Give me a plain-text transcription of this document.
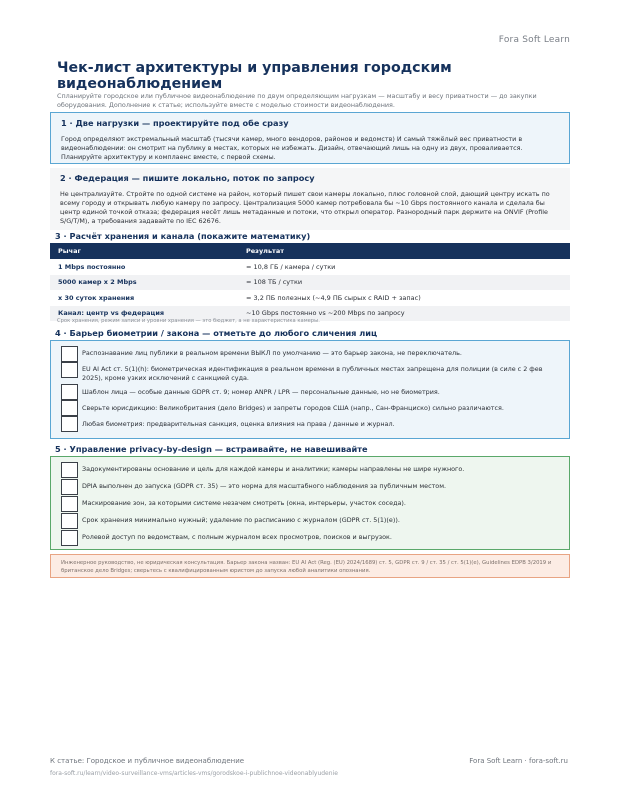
Fora Soft Learn
Чек-лист архитектуры и управления городским видеонаблюдением

Спланируйте городское или публичное видеонаблюдение по двум определяющим нагрузкам — масштабу и весу приватности — до закупки оборудования. Дополнение к статье; используйте вместе с моделью стоимости видеонаблюдения.

1 · Две нагрузки — проектируйте под обе сразу
Город определяют экстремальный масштаб (тысячи камер, много вендоров, районов и ведомств) И самый тяжёлый вес приватности в видеонаблюдении: он смотрит на публику в местах, которых не избежать. Дизайн, отвечающий лишь на одну из двух, проваливается. Планируйте архитектуру и комплаенс вместе, с первой схемы.
2 · Федерация — пишите локально, поток по запросу
Не централизуйте. Стройте по одной системе на район, который пишет свои камеры локально, плюс головной слой, дающий центру искать по всему городу и открывать любую камеру по запросу. Централизация 5000 камер потребовала бы ~10 Gbps постоянного канала и сделала бы центр единой точкой отказа; федерация несёт лишь метаданные и потоки, что открыл оператор. Разнородный парк держите на ONVIF (Profile S/G/T/M), а требования задавайте по IEC 62676.
3 · Расчёт хранения и канала (покажите математику)
Рычаг	Результат
1 Mbps постоянно	= 10,8 ГБ / камера / сутки
5000 камер х 2 Mbps	= 108 ТБ / сутки
х 30 суток хранения	= 3,2 ПБ полезных (~4,9 ПБ сырых с RAID + запас)
Канал: центр vs федерация	~10 Gbps постоянно vs ~200 Mbps по запросу
Срок хранения, режим записи и уровни хранения — это бюджет, а не характеристика камеры.
4 · Барьер биометрии / закона — отметьте до любого сличения лиц
Распознавание лиц публики в реальном времени ВЫКЛ по умолчанию — это барьер закона, не переключатель.
EU AI Act ст. 5(1)(h): биометрическая идентификация в реальном времени в публичных местах запрещена для полиции (в силе с 2 фев 2025), кроме узких исключений с санкцией суда.
Шаблон лица — особые данные GDPR ст. 9; номер ANPR / LPR — персональные данные, но не биометрия.
Сверьте юрисдикцию: Великобритания (дело Bridges) и запреты городов США (напр., Сан-Франциско) сильно различаются.
Любая биометрия: предварительная санкция, оценка влияния на права / данные и журнал.
5 · Управление privacy-by-design — встраивайте, не навешивайте
Задокументированы основание и цель для каждой камеры и аналитики; камеры направлены не шире нужного.
DPIA выполнен до запуска (GDPR ст. 35) — это норма для масштабного наблюдения за публичным местом.
Маскирование зон, за которыми системе незачем смотреть (окна, интерьеры, участок соседа).
Срок хранения минимально нужный; удаление по расписанию с журналом (GDPR ст. 5(1)(e)).
Ролевой доступ по ведомствам, с полным журналом всех просмотров, поисков и выгрузок.
Инженерное руководство, не юридическая консультация. Барьер закона назван: EU AI Act (Reg. (EU) 2024/1689) ст. 5, GDPR ст. 9 / ст. 35 / ст. 5(1)(e), Guidelines EDPB 3/2019 и британское дело Bridges; сверьтесь с квалифицированным юристом до запуска любой аналитики опознания.
К статье: Городское и публичное видеонаблюдение
fora-soft.ru/learn/video-surveillance-vms/articles-vms/gorodskoe-i-publichnoe-videonablyudenie
Fora Soft Learn · fora-soft.ru
